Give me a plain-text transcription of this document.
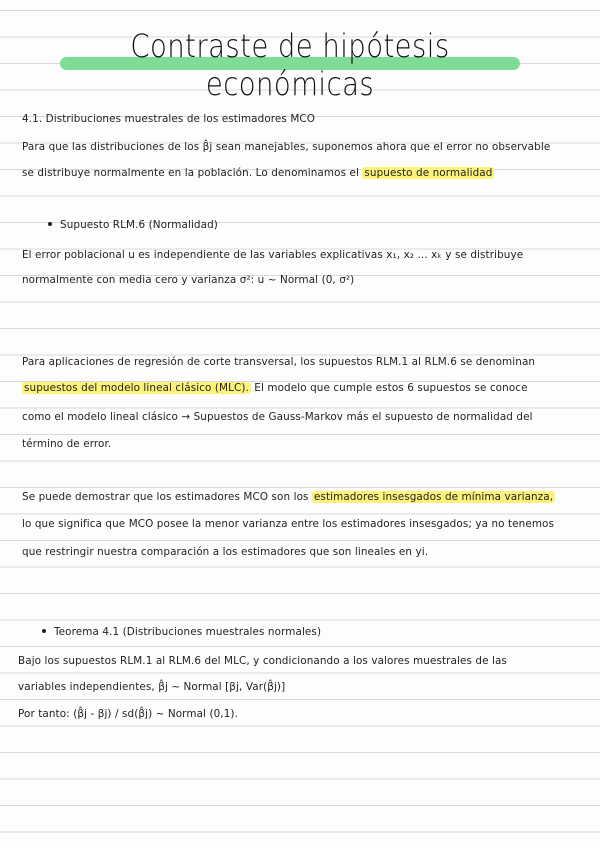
Contraste de hipótesis económicas
4.1. Distribuciones muestrales de los estimadores MCO
Para que las distribuciones de los β̂j sean manejables, suponemos ahora que el error no observable
se distribuye normalmente en la población. Lo denominamos el supuesto de normalidad
Supuesto RLM.6 (Normalidad)
El error poblacional u es independiente de las variables explicativas x₁, x₂ ... xₖ y se distribuye
normalmente con media cero y varianza σ²: u ~ Normal (0, σ²)
Para aplicaciones de regresión de corte transversal, los supuestos RLM.1 al RLM.6 se denominan
supuestos del modelo lineal clásico (MLC). El modelo que cumple estos 6 supuestos se conoce
como el modelo lineal clásico → Supuestos de Gauss-Markov más el supuesto de normalidad del
término de error.
Se puede demostrar que los estimadores MCO son los estimadores insesgados de mínima varianza,
lo que significa que MCO posee la menor varianza entre los estimadores insesgados; ya no tenemos
que restringir nuestra comparación a los estimadores que son lineales en yi.
Teorema 4.1 (Distribuciones muestrales normales)
Bajo los supuestos RLM.1 al RLM.6 del MLC, y condicionando a los valores muestrales de las
variables independientes, β̂j ~ Normal [βj, Var(β̂j)]
Por tanto: (β̂j - βj) / sd(β̂j) ~ Normal (0,1).
